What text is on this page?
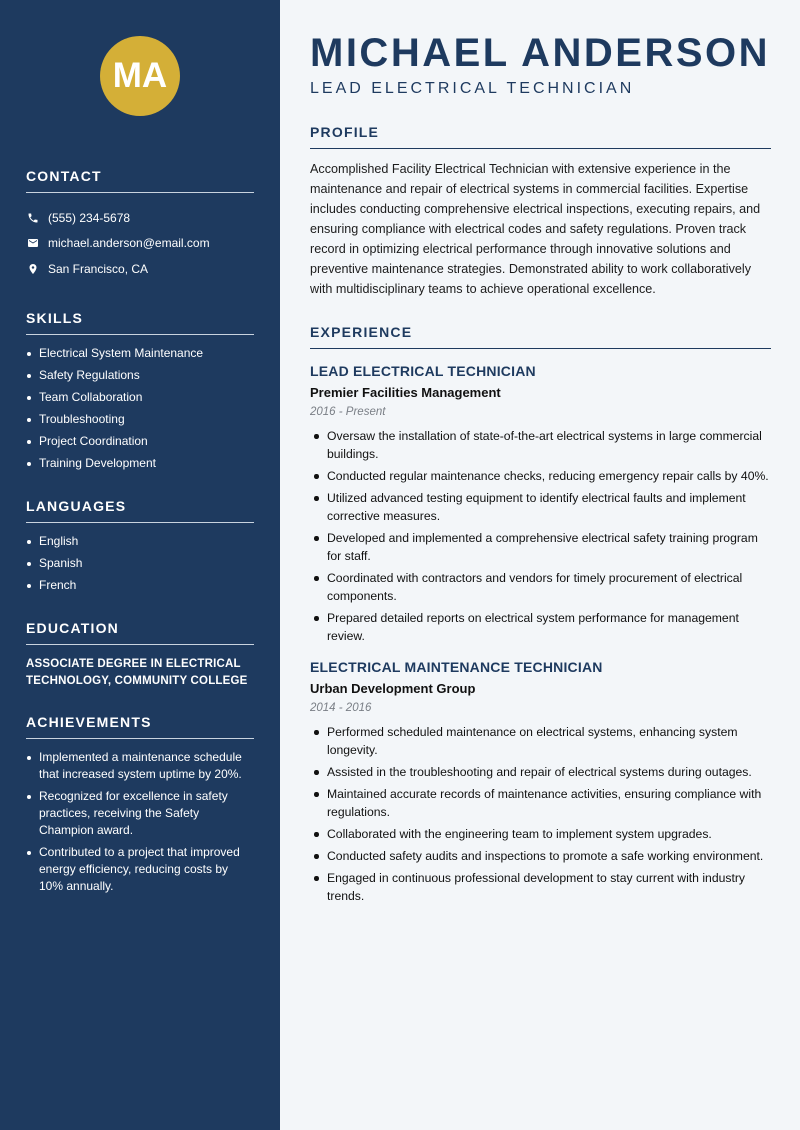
MA
CONTACT
(555) 234-5678
michael.anderson@email.com
San Francisco, CA
SKILLS
Electrical System Maintenance
Safety Regulations
Team Collaboration
Troubleshooting
Project Coordination
Training Development
LANGUAGES
English
Spanish
French
EDUCATION

ASSOCIATE DEGREE IN ELECTRICAL TECHNOLOGY, COMMUNITY COLLEGE

ACHIEVEMENTS
Implemented a maintenance schedule that increased system uptime by 20%.
Recognized for excellence in safety practices, receiving the Safety Champion award.
Contributed to a project that improved energy efficiency, reducing costs by 10% annually.
MICHAEL ANDERSON
LEAD ELECTRICAL TECHNICIAN
PROFILE

Accomplished Facility Electrical Technician with extensive experience in the maintenance and repair of electrical systems in commercial facilities. Expertise includes conducting comprehensive electrical inspections, executing repairs, and ensuring compliance with electrical codes and safety regulations. Proven track record in optimizing electrical performance through innovative solutions and preventive maintenance strategies. Demonstrated ability to work collaboratively with multidisciplinary teams to achieve operational excellence.

EXPERIENCE
LEAD ELECTRICAL TECHNICIAN
Premier Facilities Management
2016 - Present
Oversaw the installation of state-of-the-art electrical systems in large commercial buildings.
Conducted regular maintenance checks, reducing emergency repair calls by 40%.
Utilized advanced testing equipment to identify electrical faults and implement corrective measures.
Developed and implemented a comprehensive electrical safety training program for staff.
Coordinated with contractors and vendors for timely procurement of electrical components.
Prepared detailed reports on electrical system performance for management review.
ELECTRICAL MAINTENANCE TECHNICIAN
Urban Development Group
2014 - 2016
Performed scheduled maintenance on electrical systems, enhancing system longevity.
Assisted in the troubleshooting and repair of electrical systems during outages.
Maintained accurate records of maintenance activities, ensuring compliance with regulations.
Collaborated with the engineering team to implement system upgrades.
Conducted safety audits and inspections to promote a safe working environment.
Engaged in continuous professional development to stay current with industry trends.
